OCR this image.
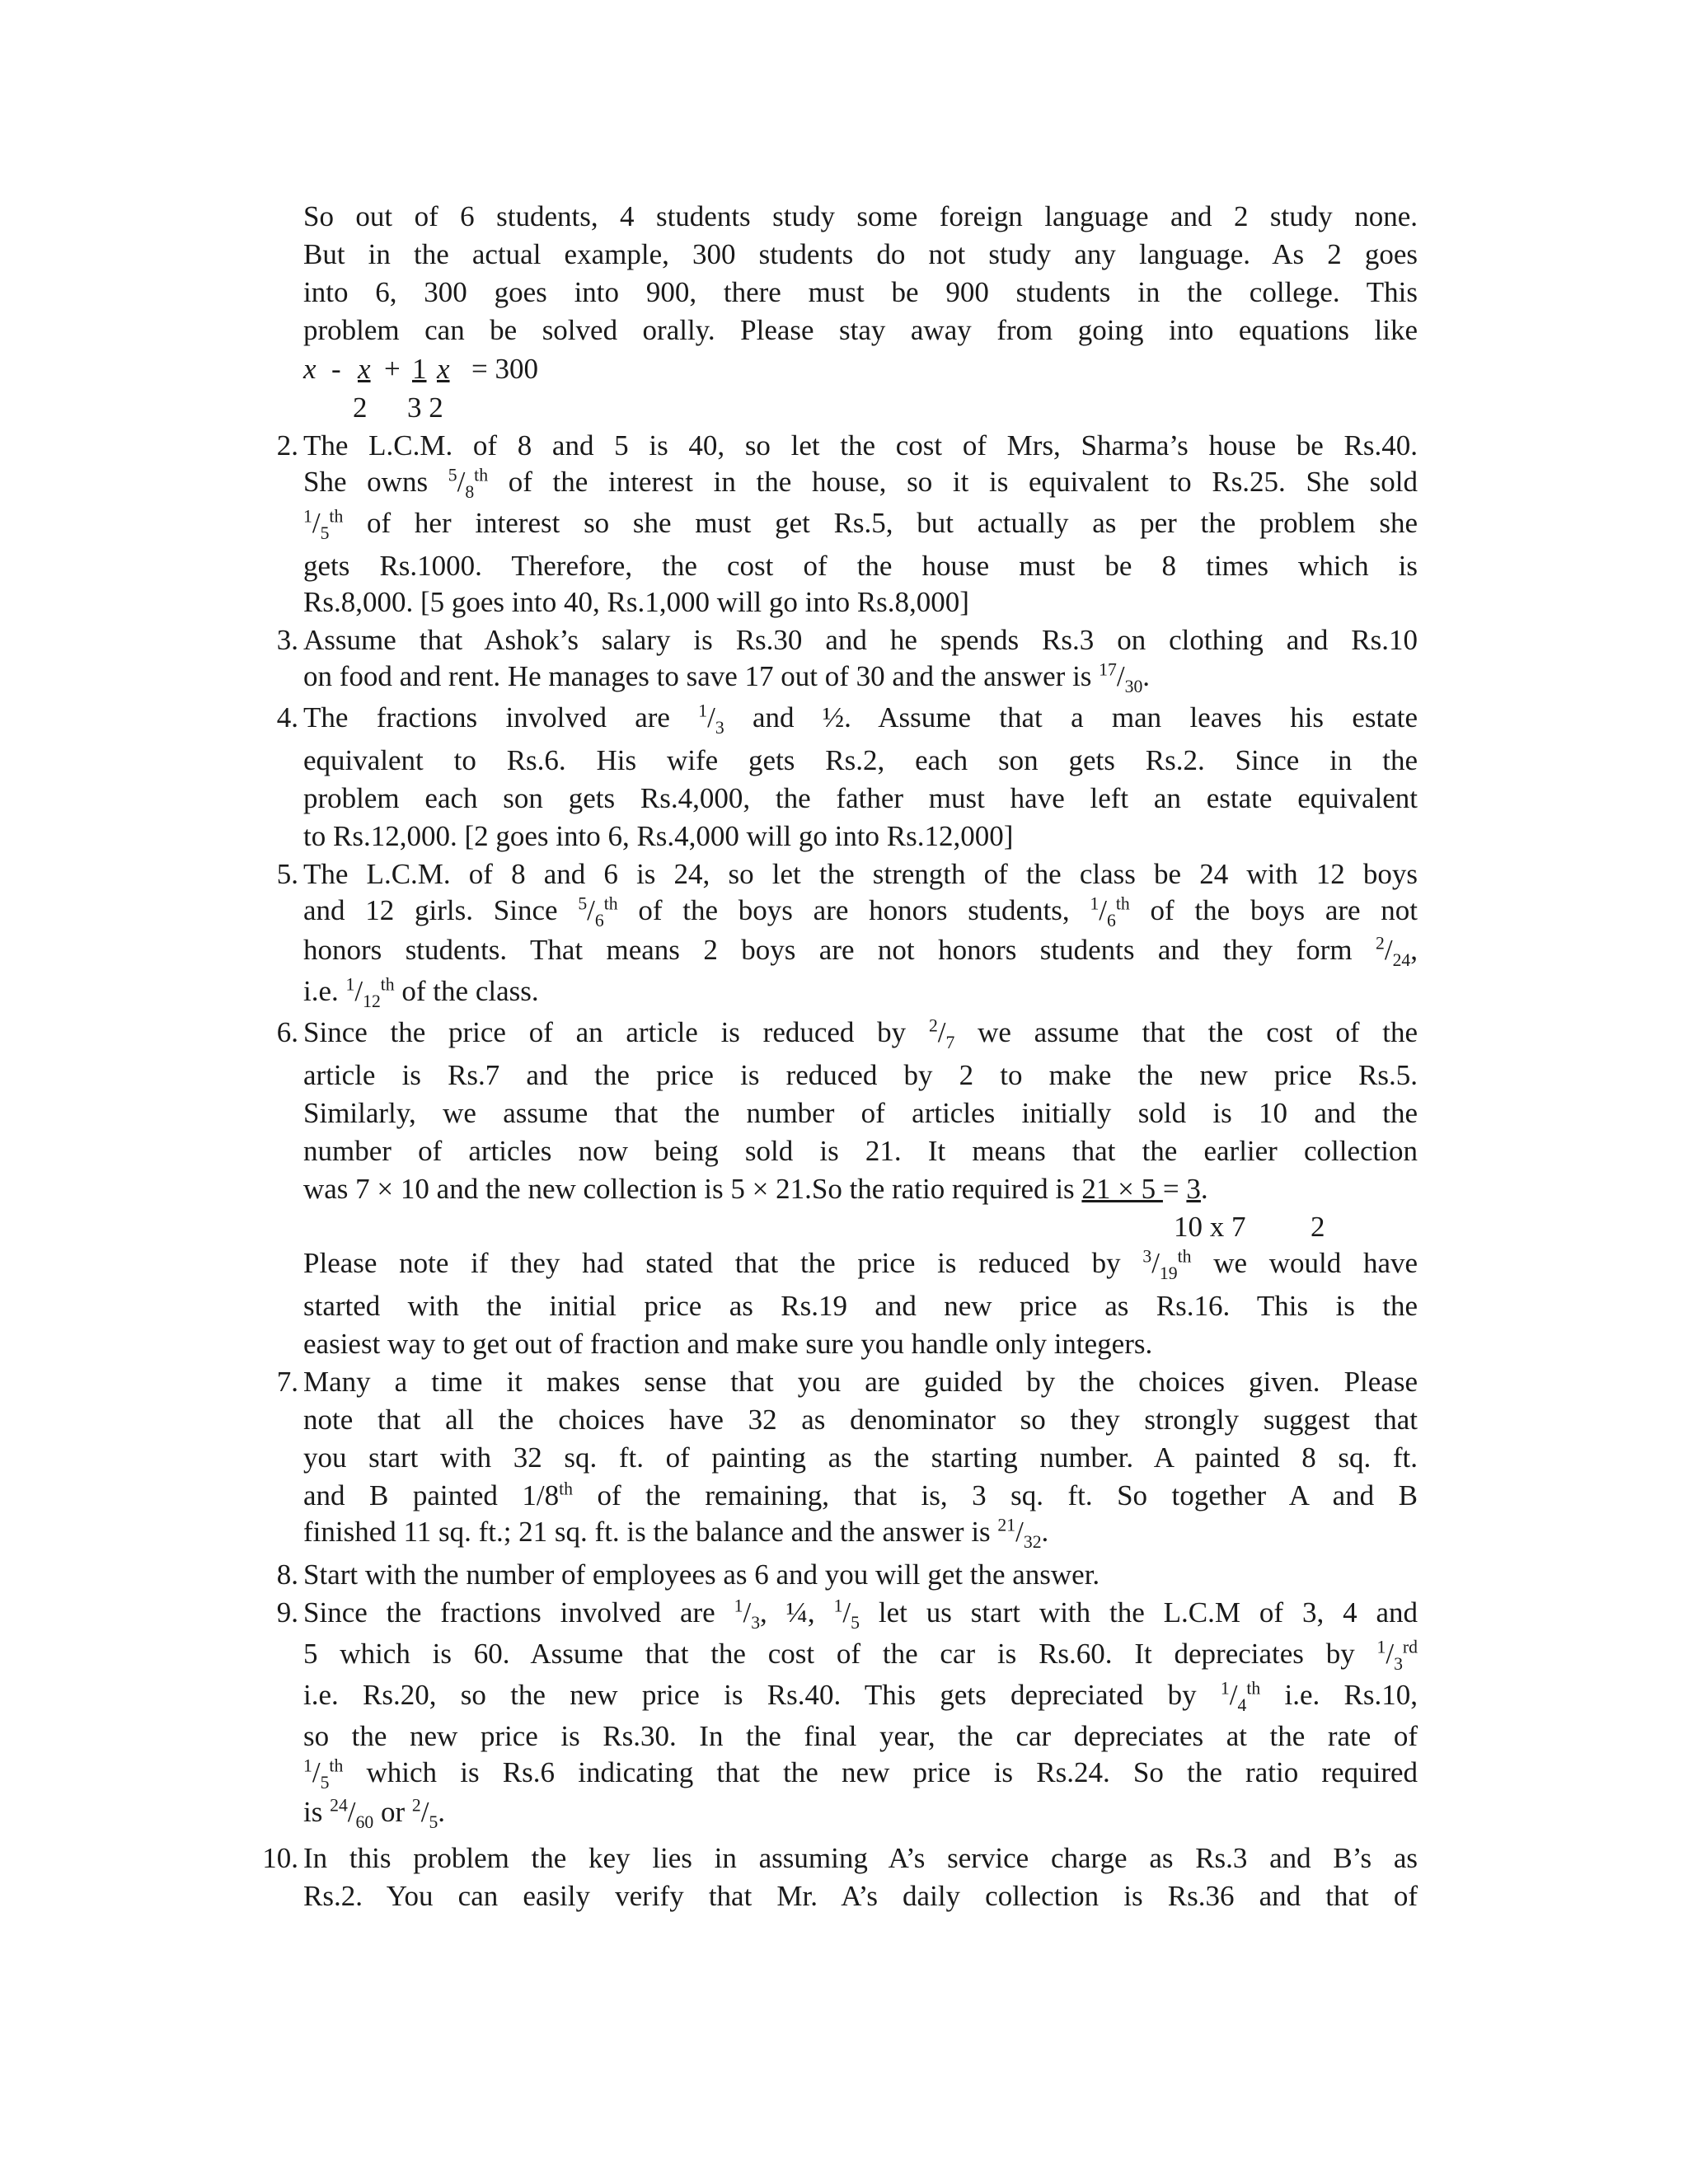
So out of 6 students, 4 students study some foreign language and 2 study none.
But in the actual example, 300 students do not study any language. As 2 goes
into 6, 300 goes into 900, there must be 900 students in the college. This
problem can be solved orally. Please stay away from going into equations like
x - x + 1 x = 300
2 3 2
2. The L.C.M. of 8 and 5 is 40, so let the cost of Mrs, Sharma’s house be Rs.40.
She owns $^5/_8^{th}$ of the interest in the house, so it is equivalent to Rs.25. She sold
$^1/_5^{th}$ of her interest so she must get Rs.5, but actually as per the problem she
gets Rs.1000. Therefore, the cost of the house must be 8 times which is
Rs.8,000. [5 goes into 40, Rs.1,000 will go into Rs.8,000]
3. Assume that Ashok’s salary is Rs.30 and he spends Rs.3 on clothing and Rs.10
on food and rent. He manages to save 17 out of 30 and the answer is $^{17}/_{30}$.
4. The fractions involved are $^1/_3$ and ½. Assume that a man leaves his estate
equivalent to Rs.6. His wife gets Rs.2, each son gets Rs.2. Since in the
problem each son gets Rs.4,000, the father must have left an estate equivalent
to Rs.12,000. [2 goes into 6, Rs.4,000 will go into Rs.12,000]
5. The L.C.M. of 8 and 6 is 24, so let the strength of the class be 24 with 12 boys
and 12 girls. Since $^5/_6^{th}$ of the boys are honors students, $^1/_6^{th}$ of the boys are not
honors students. That means 2 boys are not honors students and they form $^2/_{24}$,
i.e. $^1/_{12}^{th}$ of the class.
6. Since the price of an article is reduced by $^2/_7$ we assume that the cost of the
article is Rs.7 and the price is reduced by 2 to make the new price Rs.5.
Similarly, we assume that the number of articles initially sold is 10 and the
number of articles now being sold is 21. It means that the earlier collection
was 7 × 10 and the new collection is 5 × 21.So the ratio required is 21 × 5 = 3.
10 x 7 2
Please note if they had stated that the price is reduced by $^3/_{19}^{th}$ we would have
started with the initial price as Rs.19 and new price as Rs.16. This is the
easiest way to get out of fraction and make sure you handle only integers.
7. Many a time it makes sense that you are guided by the choices given. Please
note that all the choices have 32 as denominator so they strongly suggest that
you start with 32 sq. ft. of painting as the starting number. A painted 8 sq. ft.
and B painted 1/8th of the remaining, that is, 3 sq. ft. So together A and B
finished 11 sq. ft.; 21 sq. ft. is the balance and the answer is $^{21}/_{32}$.
8. Start with the number of employees as 6 and you will get the answer.
9. Since the fractions involved are $^1/_3$, ¼, $^1/_5$ let us start with the L.C.M of 3, 4 and
5 which is 60. Assume that the cost of the car is Rs.60. It depreciates by $^1/_3^{rd}$
i.e. Rs.20, so the new price is Rs.40. This gets depreciated by $^1/_4^{th}$ i.e. Rs.10,
so the new price is Rs.30. In the final year, the car depreciates at the rate of
$^1/_5^{th}$ which is Rs.6 indicating that the new price is Rs.24. So the ratio required
is $^{24}/_{60}$ or $^2/_5$.
10. In this problem the key lies in assuming A’s service charge as Rs.3 and B’s as
Rs.2. You can easily verify that Mr. A’s daily collection is Rs.36 and that of
